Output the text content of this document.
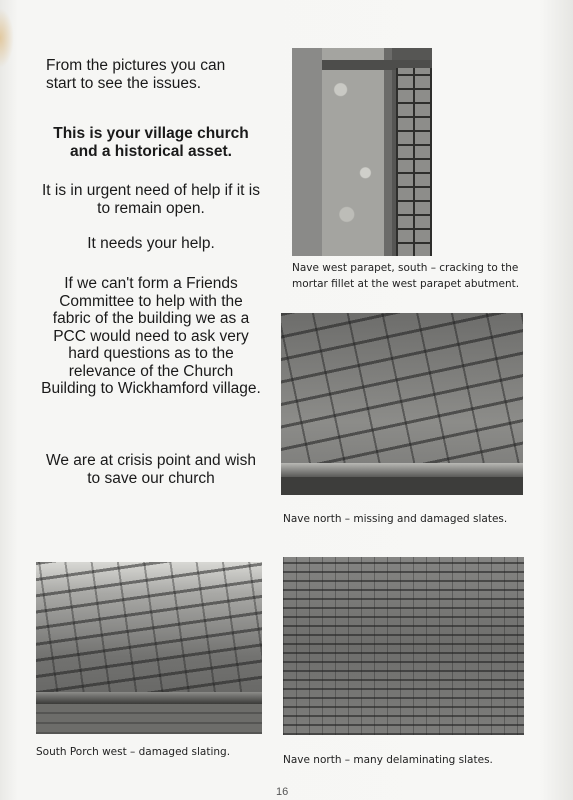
From the pictures you can start to see the issues.
This is your village church and a historical asset.
It is in urgent need of help if it is to remain open.
It needs your help.
If we can't form a Friends Committee to help with the fabric of the building we as a PCC would need to ask very hard questions as to the relevance of the Church Building to Wickhamford village.
We are at crisis point and wish to save our church
Nave west parapet, south – cracking to the mortar fillet at the west parapet abutment.
Nave north – missing and damaged slates.
South Porch west – damaged slating.
Nave north – many delaminating slates.
16
